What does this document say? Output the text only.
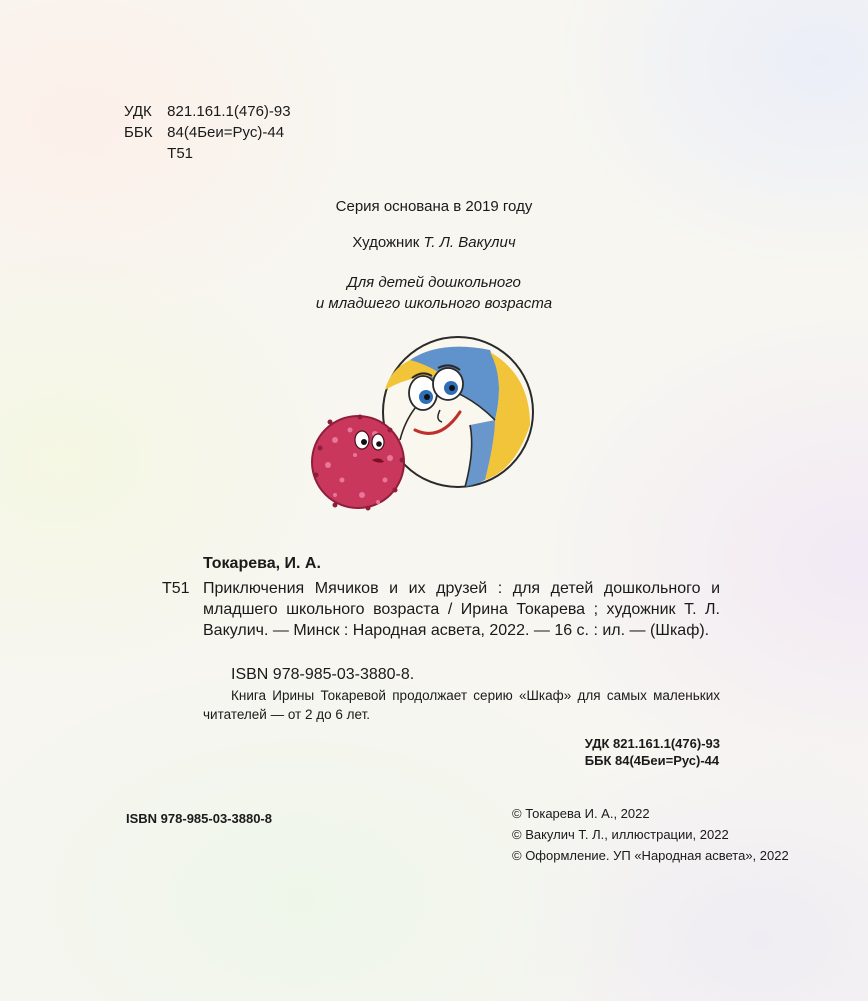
УДК 821.161.1(476)-93
ББК 84(4Беи=Рус)-44
Т51
Серия основана в 2019 году
Художник Т. Л. Вакулич
Для детей дошкольного
и младшего школьного возраста
Токарева, И. А.
Т51 Приключения Мячиков и их друзей : для детей дошкольного и младшего школьного возраста / Ирина Токарева ; художник Т. Л. Вакулич. — Минск : Народная асвета, 2022. — 16 с. : ил. — (Шкаф).
ISBN 978-985-03-3880-8.
Книга Ирины Токаревой продолжает серию «Шкаф» для самых маленьких читателей — от 2 до 6 лет.
УДК 821.161.1(476)-93
ББК 84(4Беи=Рус)-44
ISBN 978-985-03-3880-8	© Токарева И. А., 2022
© Вакулич Т. Л., иллюстрации, 2022
© Оформление. УП «Народная асвета», 2022
